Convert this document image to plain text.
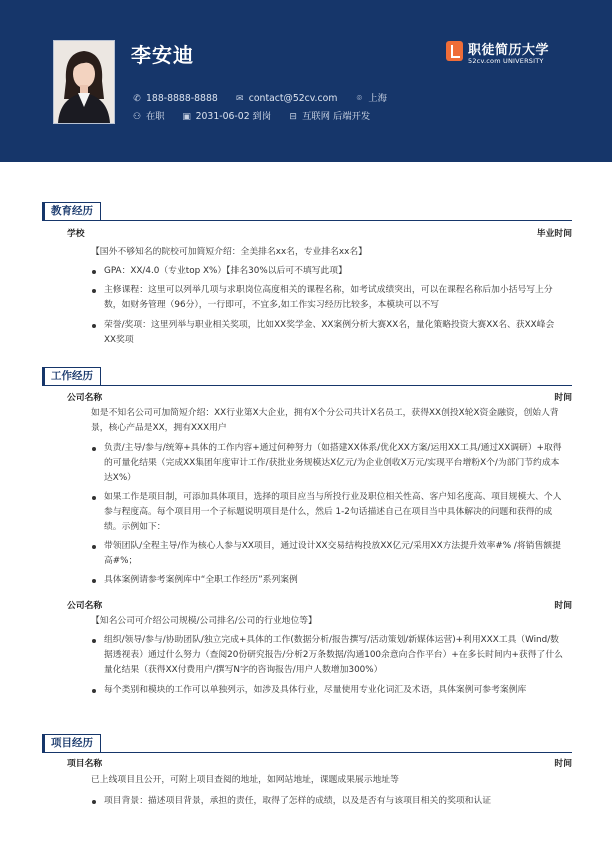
李安迪
✆ 188-8888-8888 ✉ contact@52cv.com ⌾ 上海
⚇ 在职 ▣ 2031-06-02 到岗 ⊟ 互联网 后端开发
职徒简历大学
52cv.com UNIVERSITY
教育经历
学校	毕业时间
【国外不够知名的院校可加简短介绍：全美排名xx名，专业排名xx名】
GPA：XX/4.0（专业top X%）【排名30%以后可不填写此项】
主修课程：这里可以列举几项与求职岗位高度相关的课程名称，如考试成绩突出，可以在课程名称后加小括号写上分数，如财务管理（96分），一行即可，不宜多,如工作实习经历比较多，本模块可以不写
荣誉/奖项：这里列举与职业相关奖项，比如XX奖学金、XX案例分析大赛XX名，量化策略投资大赛XX名、获XX峰会XX奖项
工作经历
公司名称	时间
如是不知名公司可加简短介绍：XX行业第X大企业，拥有X个分公司共计X名员工，获得XX创投X轮X资金融资，创始人背景，核心产品是XX，拥有XXX用户
负责/主导/参与/统筹+具体的工作内容+通过何种努力（如搭建XX体系/优化XX方案/运用XX工具/通过XX调研）+取得的可量化结果（完成XX集团年度审计工作/获批业务规模达X亿元/为企业创收X万元/实现平台增粉X个/为部门节约成本达X%）
如果工作是项目制，可添加具体项目，选择的项目应当与所投行业及职位相关性高、客户知名度高、项目规模大、个人参与程度高。每个项目用一个子标题说明项目是什么，然后 1-2句话描述自己在项目当中具体解决的问题和获得的成绩。示例如下：
带领团队/全程主导/作为核心人参与XX项目，通过设计XX交易结构投放XX亿元/采用XX方法提升效率#% /将销售额提高#%；
具体案例请参考案例库中“全职工作经历”系列案例
公司名称	时间
【知名公司可介绍公司规模/公司排名/公司的行业地位等】
组织/领导/参与/协助团队/独立完成+具体的工作(数据分析/报告撰写/活动策划/新媒体运营)+利用XXX工具（Wind/数据透视表）通过什么努力（查阅20份研究报告/分析2万条数据/沟通100余意向合作平台）+在多长时间内+获得了什么量化结果（获得XX付费用户/撰写N字的咨询报告/用户人数增加300%）
每个类别和模块的工作可以单独列示，如涉及具体行业，尽量使用专业化词汇及术语，具体案例可参考案例库
项目经历
项目名称	时间
已上线项目且公开，可附上项目查阅的地址，如网站地址，课题成果展示地址等
项目背景：描述项目背景，承担的责任，取得了怎样的成绩，以及是否有与该项目相关的奖项和认证
